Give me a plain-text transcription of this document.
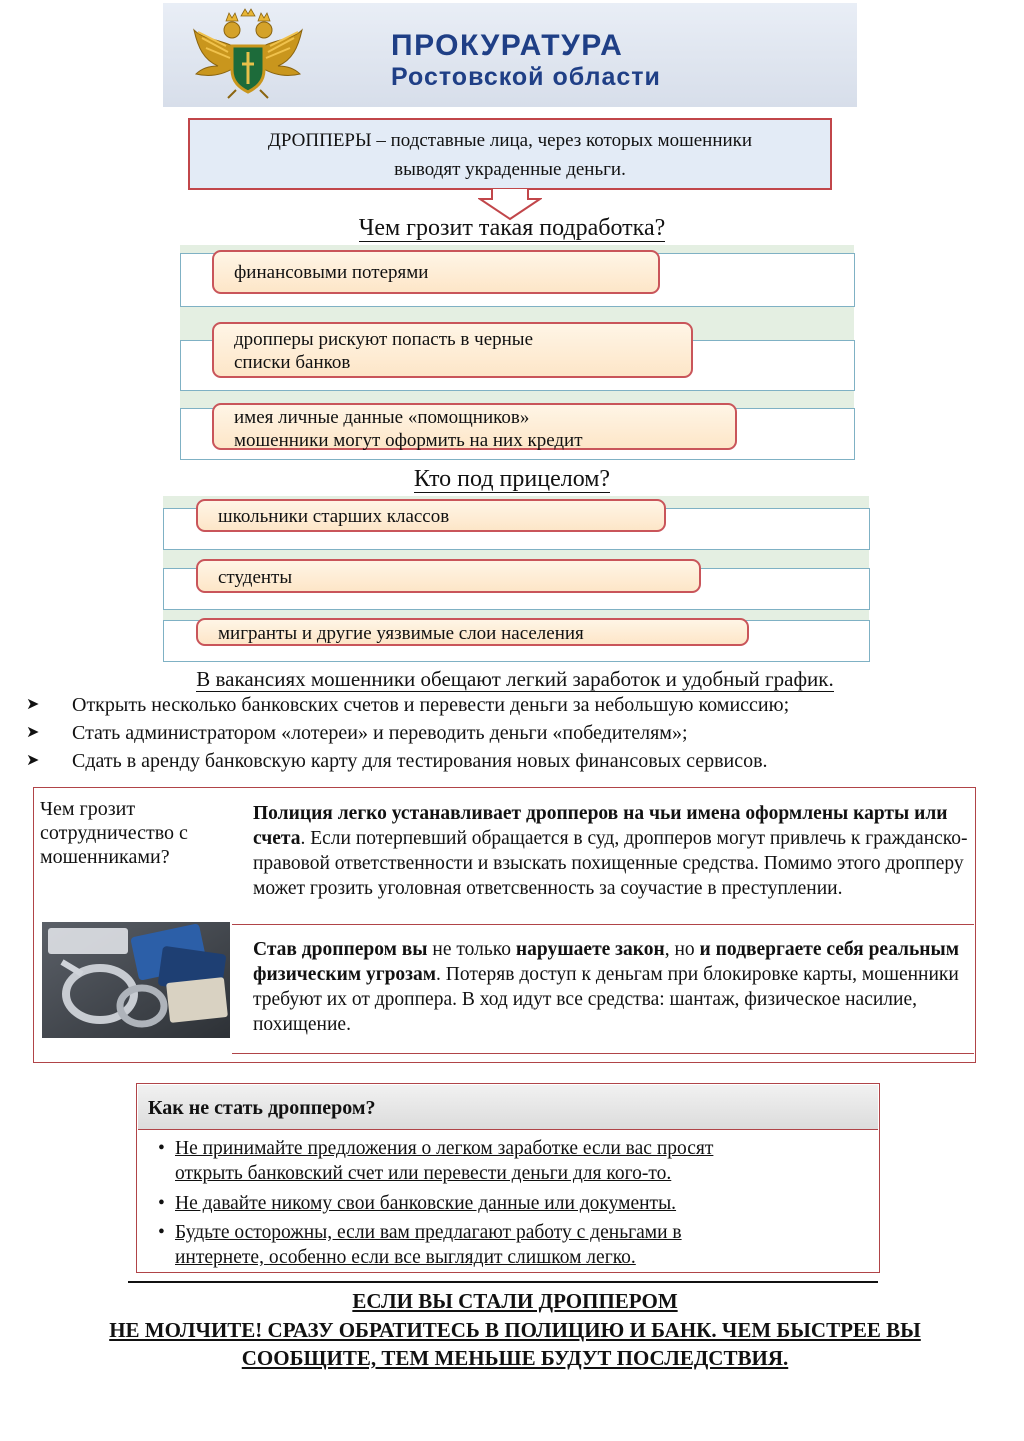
ПРОКУРАТУРА
Ростовской области
ДРОППЕРЫ – подставные лица, через которых мошенники
выводят украденные деньги.
Чем грозит такая подработка?
финансовыми потерями
дропперы рискуют попасть в черные
списки банков
имея личные данные «помощников»
мошенники могут оформить на них кредит
Кто под прицелом?
школьники старших классов
студенты
мигранты и другие уязвимые слои населения
В вакансиях мошенники обещают легкий заработок и удобный график.
➤ Открыть несколько банковских счетов и перевести деньги за небольшую комиссию;
➤ Стать администратором «лотереи» и переводить деньги «победителям»;
➤ Сдать в аренду банковскую карту для тестирования новых финансовых сервисов.
Чем грозит сотрудничество с мошенниками?
Полиция легко устанавливает дропперов на чьи имена оформлены карты или счета. Если потерпевший обращается в суд, дропперов могут привлечь к гражданско-правовой ответственности и взыскать похищенные средства. Помимо этого дропперу может грозить уголовная ответсвенность за соучастие в преступлении.
Став дроппером вы не только нарушаете закон, но и подвергаете себя реальным физическим угрозам. Потеряв доступ к деньгам при блокировке карты, мошенники требуют их от дроппера. В ход идут все средства: шантаж, физическое насилие, похищение.
Как не стать дроппером?
• Не принимайте предложения о легком заработке если вас просят
открыть банковский счет или перевести деньги для кого-то.
• Не давайте никому свои банковские данные или документы.
• Будьте осторожны, если вам предлагают работу с деньгами в
интернете, особенно если все выглядит слишком легко.
ЕСЛИ ВЫ СТАЛИ ДРОППЕРОМ
НЕ МОЛЧИТЕ! СРАЗУ ОБРАТИТЕСЬ В ПОЛИЦИЮ И БАНК. ЧЕМ БЫСТРЕЕ ВЫ
СООБЩИТЕ, ТЕМ МЕНЬШЕ БУДУТ ПОСЛЕДСТВИЯ.
